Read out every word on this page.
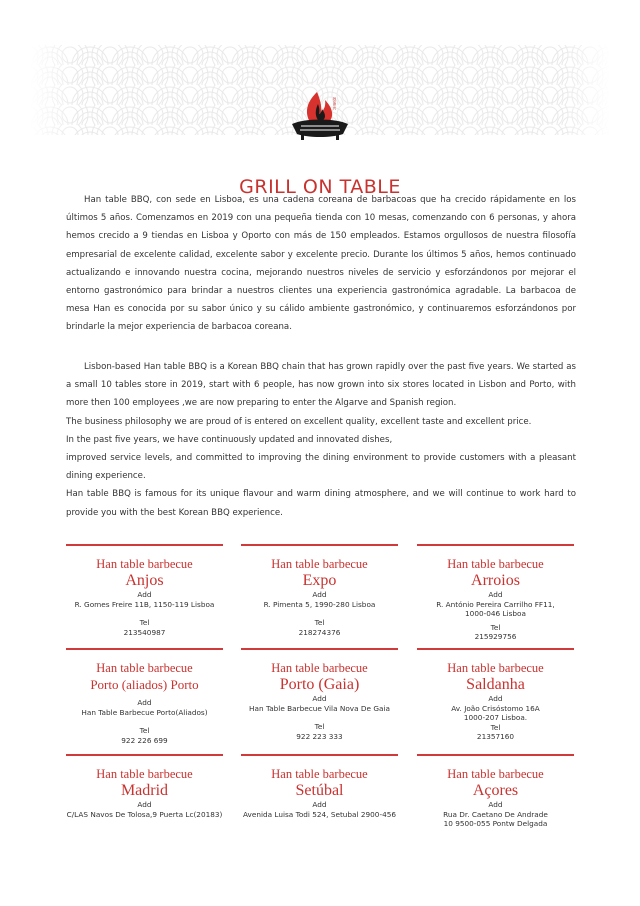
韩桌烤肉
GRILL ON TABLE

Han table BBQ, con sede en Lisboa, es una cadena coreana de barbacoas que ha crecido rápidamente en los últimos 5 años. Comenzamos en 2019 con una pequeña tienda con 10 mesas, comenzando con 6 personas, y ahora hemos crecido a 9 tiendas en Lisboa y Oporto con más de 150 empleados. Estamos orgullosos de nuestra filosofía empresarial de excelente calidad, excelente sabor y excelente precio. Durante los últimos 5 años, hemos continuado actualizando e innovando nuestra cocina, mejorando nuestros niveles de servicio y esforzándonos por mejorar el entorno gastronómico para brindar a nuestros clientes una experiencia gastronómica agradable. La barbacoa de mesa Han es conocida por su sabor único y su cálido ambiente gastronómico, y continuaremos esforzándonos por brindarle la mejor experiencia de barbacoa coreana.

Lisbon-based Han table BBQ is a Korean BBQ chain that has grown rapidly over the past five years. We started as a small 10 tables store in 2019, start with 6 people, has now grown into six stores located in Lisbon and Porto, with more then 100 employees ,we are now preparing to enter the Algarve and Spanish region.

The business philosophy we are proud of is entered on excellent quality, excellent taste and excellent price.

In the past five years, we have continuously updated and innovated dishes,

improved service levels, and committed to improving the dining environment to provide customers with a pleasant dining experience.

Han table BBQ is famous for its unique flavour and warm dining atmosphere, and we will continue to work hard to provide you with the best Korean BBQ experience.

Han table barbecue
Anjos
Add
R. Gomes Freire 11B, 1150-119 Lisboa
Tel
213540987
Han table barbecue
Expo
Add
R. Pimenta 5, 1990-280 Lisboa
Tel
218274376
Han table barbecue
Arroios
Add
R. António Pereira Carrilho FF11, 1000-046 Lisboa
Tel
215929756
Han table barbecue
Porto (aliados) Porto
Add
Han Table Barbecue Porto(Aliados)
Tel
922 226 699
Han table barbecue
Porto (Gaia)
Add
Han Table Barbecue Vila Nova De Gaia
Tel
922 223 333
Han table barbecue
Saldanha
Add
Av. João Crisóstomo 16A 1000-207 Lisboa.
Tel
21357160
Han table barbecue
Madrid
Add
C/LAS Navos De Tolosa,9 Puerta Lc(20183)
Han table barbecue
Setúbal
Add
Avenida Luisa Todi 524, Setubal 2900-456
Han table barbecue
Açores
Add
Rua Dr. Caetano De Andrade 10 9500-055 Pontw Delgada
